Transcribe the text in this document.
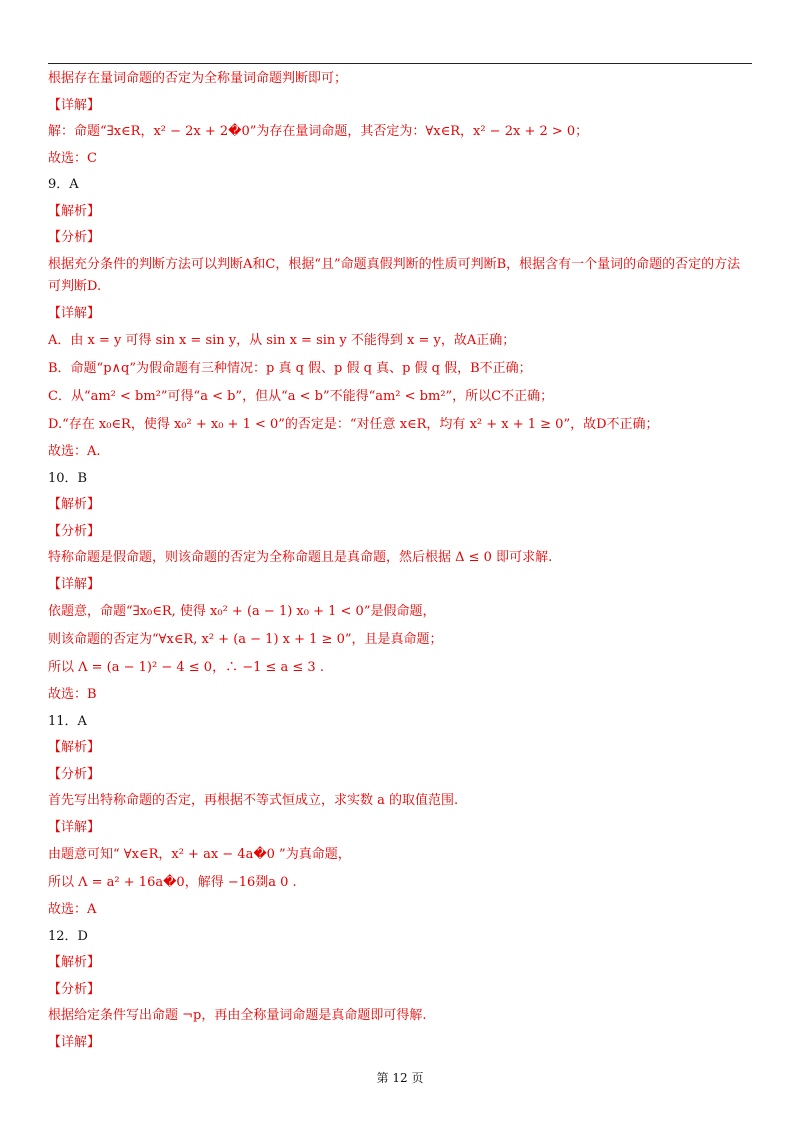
根据存在量词命题的否定为全称量词命题判断即可；
【详解】
解：命题“∃x∈R，x² − 2x + 2�0”为存在量词命题，其否定为：∀x∈R，x² − 2x + 2 > 0；
故选：C
9．A
【解析】
【分析】
根据充分条件的判断方法可以判断A和C，根据“且”命题真假判断的性质可判断B，根据含有一个量词的命题的否定的方法可判断D.
【详解】
A．由 x = y 可得 sin x = sin y，从 sin x = sin y 不能得到 x = y，故A正确；
B．命题“p∧q”为假命题有三种情况：p 真 q 假、p 假 q 真、p 假 q 假，B不正确；
C．从“am² < bm²”可得“a < b”，但从“a < b”不能得“am² < bm²”，所以C不正确；
D.“存在 x₀∈R，使得 x₀² + x₀ + 1 < 0”的否定是：“对任意 x∈R，均有 x² + x + 1 ≥ 0”，故D不正确；
故选：A.
10．B
【解析】
【分析】
特称命题是假命题，则该命题的否定为全称命题且是真命题，然后根据 Δ ≤ 0 即可求解.
【详解】
依题意，命题“∃x₀∈R, 使得 x₀² + (a − 1) x₀ + 1 < 0”是假命题，
则该命题的否定为“∀x∈R, x² + (a − 1) x + 1 ≥ 0”，且是真命题；
所以 Λ = (a − 1)² − 4 ≤ 0，∴ −1 ≤ a ≤ 3 .
故选：B
11．A
【解析】
【分析】
首先写出特称命题的否定，再根据不等式恒成立，求实数 a 的取值范围.
【详解】
由题意可知“ ∀x∈R，x² + ax − 4a�0 ”为真命题，
所以 Λ = a² + 16a�0，解得 −16剟a 0 .
故选：A
12．D
【解析】
【分析】
根据给定条件写出命题 ¬p，再由全称量词命题是真命题即可得解.
【详解】
第 12 页
